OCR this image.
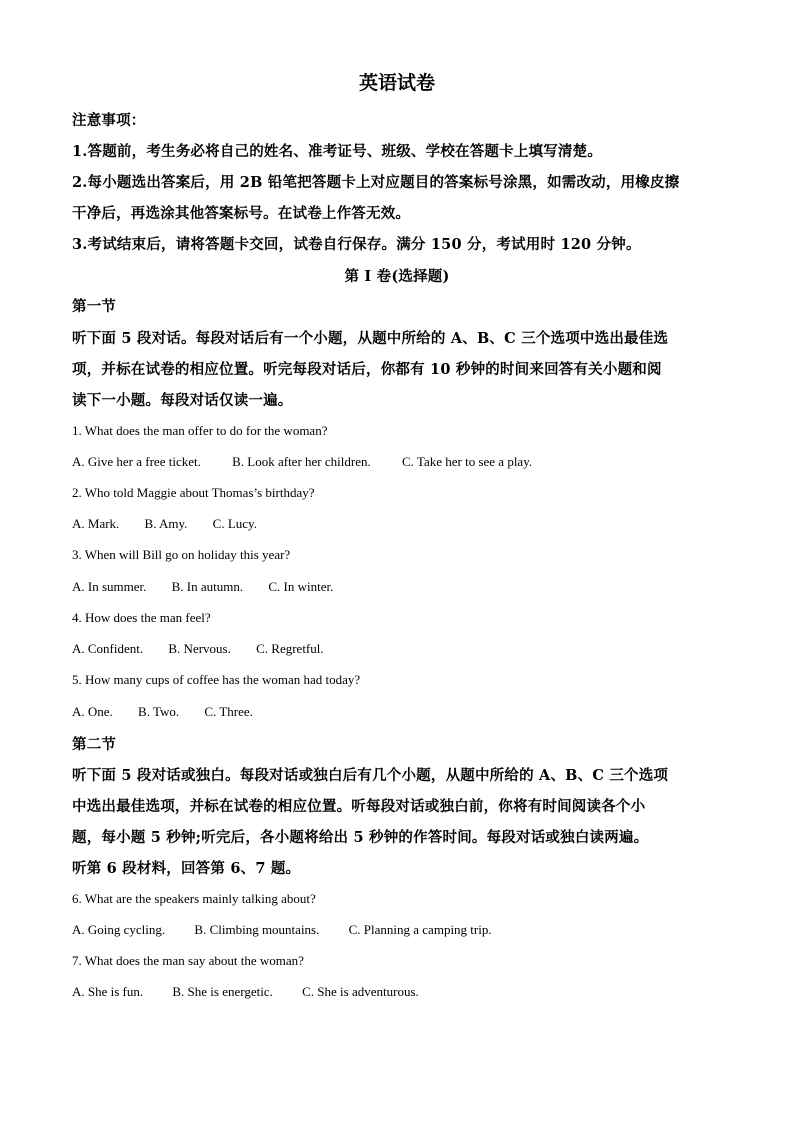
英语试卷
注意事项：
1.答题前，考生务必将自己的姓名、准考证号、班级、学校在答题卡上填写清楚。
2.每小题选出答案后，用 2B 铅笔把答题卡上对应题目的答案标号涂黑，如需改动，用橡皮擦
干净后，再选涂其他答案标号。在试卷上作答无效。
3.考试结束后，请将答题卡交回，试卷自行保存。满分 150 分，考试用时 120 分钟。
第 I 卷(选择题)
第一节
听下面 5 段对话。每段对话后有一个小题，从题中所给的 A、B、C 三个选项中选出最佳选
项，并标在试卷的相应位置。听完每段对话后，你都有 10 秒钟的时间来回答有关小题和阅
读下一小题。每段对话仅读一遍。
1. What does the man offer to do for the woman?
A. Give her a free ticket. B. Look after her children. C. Take her to see a play.
2. Who told Maggie about Thomas’s birthday?
A. Mark. B. Amy. C. Lucy.
3. When will Bill go on holiday this year?
A. In summer. B. In autumn. C. In winter.
4. How does the man feel?
A. Confident. B. Nervous. C. Regretful.
5. How many cups of coffee has the woman had today?
A. One. B. Two. C. Three.
第二节
听下面 5 段对话或独白。每段对话或独白后有几个小题，从题中所给的 A、B、C 三个选项
中选出最佳选项，并标在试卷的相应位置。听每段对话或独白前，你将有时间阅读各个小
题，每小题 5 秒钟;听完后，各小题将给出 5 秒钟的作答时间。每段对话或独白读两遍。
听第 6 段材料，回答第 6、7 题。
6. What are the speakers mainly talking about?
A. Going cycling. B. Climbing mountains. C. Planning a camping trip.
7. What does the man say about the woman?
A. She is fun. B. She is energetic. C. She is adventurous.
